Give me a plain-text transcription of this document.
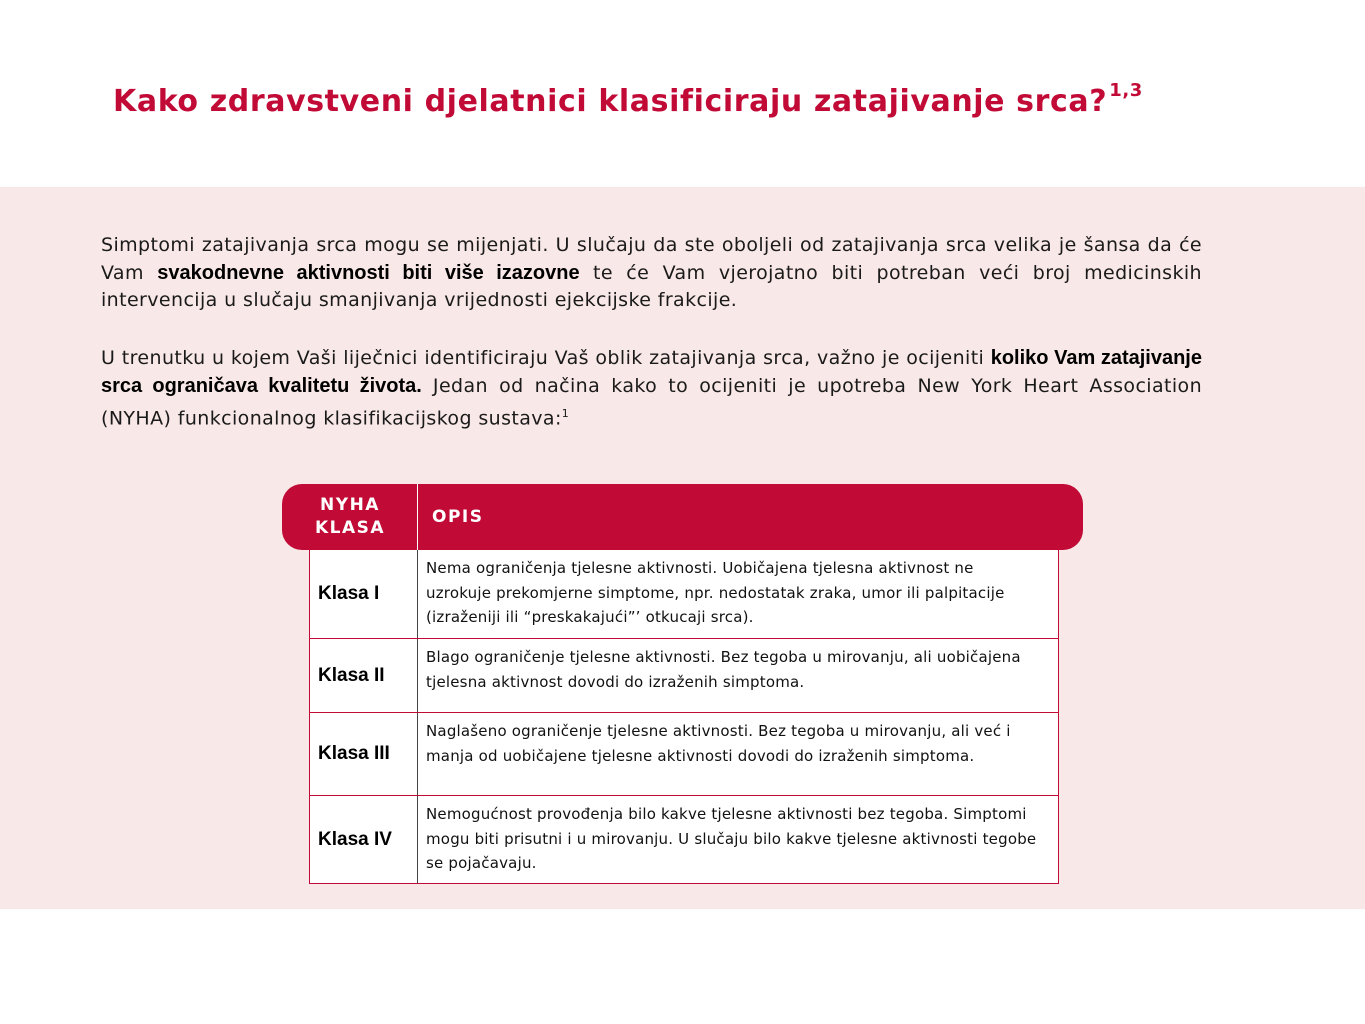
Kako zdravstveni djelatnici klasificiraju zatajivanje srca? $^{1,3}$

Simptomi zatajivanja srca mogu se mijenjati. U slučaju da ste oboljeli od zatajivanja srca velika je šansa da će Vam svakodnevne aktivnosti biti više izazovne te će Vam vjerojatno biti potreban veći broj medicinskih intervencija u slučaju smanjivanja vrijednosti ejekcijske frakcije.

U trenutku u kojem Vaši liječnici identificiraju Vaš oblik zatajivanja srca, važno je ocijeniti koliko Vam zatajivanje srca ograničava kvalitetu života. Jedan od načina kako to ocijeniti je upotreba New York Heart Association (NYHA) funkcionalnog klasifikacijskog sustava:$^1$

NYHA
KLASA
OPIS
Klasa I
Nema ograničenja tjelesne aktivnosti. Uobičajena tjelesna aktivnost ne uzrokuje prekomjerne simptome, npr. nedostatak zraka, umor ili palpitacije (izraženiji ili “preskakajući”’ otkucaji srca).
Klasa II
Blago ograničenje tjelesne aktivnosti. Bez tegoba u mirovanju, ali uobičajena tjelesna aktivnost dovodi do izraženih simptoma.
Klasa III
Naglašeno ograničenje tjelesne aktivnosti. Bez tegoba u mirovanju, ali već i manja od uobičajene tjelesne aktivnosti dovodi do izraženih simptoma.
Klasa IV
Nemogućnost provođenja bilo kakve tjelesne aktivnosti bez tegoba. Simptomi mogu biti prisutni i u mirovanju. U slučaju bilo kakve tjelesne aktivnosti tegobe se pojačavaju.
